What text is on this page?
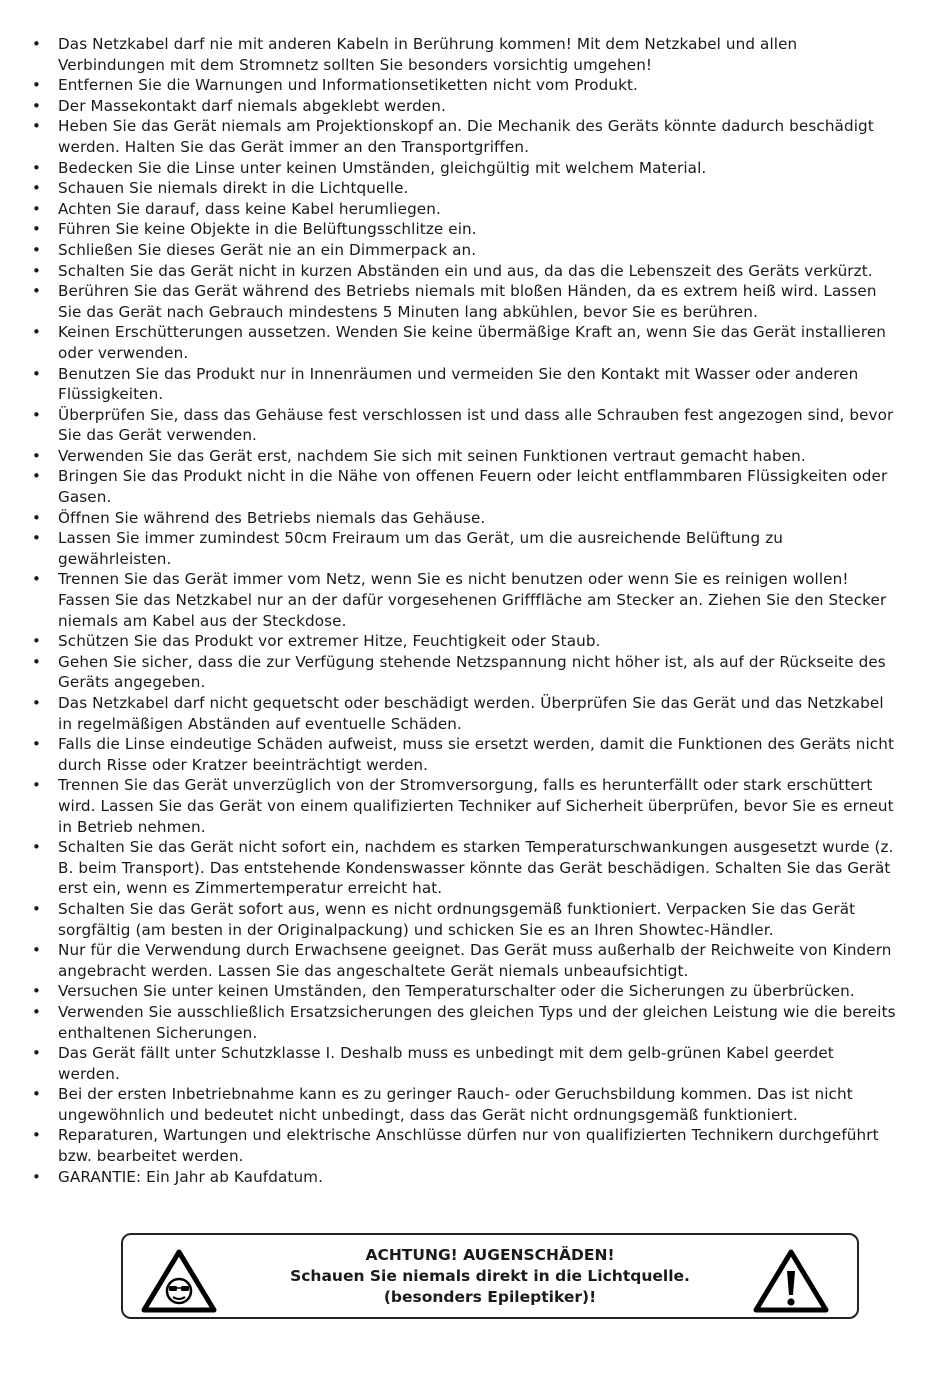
• Das Netzkabel darf nie mit anderen Kabeln in Berührung kommen! Mit dem Netzkabel und allen Verbindungen mit dem Stromnetz sollten Sie besonders vorsichtig umgehen!
• Entfernen Sie die Warnungen und Informationsetiketten nicht vom Produkt.
• Der Massekontakt darf niemals abgeklebt werden.
• Heben Sie das Gerät niemals am Projektionskopf an. Die Mechanik des Geräts könnte dadurch beschädigt werden. Halten Sie das Gerät immer an den Transportgriffen.
• Bedecken Sie die Linse unter keinen Umständen, gleichgültig mit welchem Material.
• Schauen Sie niemals direkt in die Lichtquelle.
• Achten Sie darauf, dass keine Kabel herumliegen.
• Führen Sie keine Objekte in die Belüftungsschlitze ein.
• Schließen Sie dieses Gerät nie an ein Dimmerpack an.
• Schalten Sie das Gerät nicht in kurzen Abständen ein und aus, da das die Lebenszeit des Geräts verkürzt.
• Berühren Sie das Gerät während des Betriebs niemals mit bloßen Händen, da es extrem heiß wird. Lassen Sie das Gerät nach Gebrauch mindestens 5 Minuten lang abkühlen, bevor Sie es berühren.
• Keinen Erschütterungen aussetzen. Wenden Sie keine übermäßige Kraft an, wenn Sie das Gerät installieren oder verwenden.
• Benutzen Sie das Produkt nur in Innenräumen und vermeiden Sie den Kontakt mit Wasser oder anderen Flüssigkeiten.
• Überprüfen Sie, dass das Gehäuse fest verschlossen ist und dass alle Schrauben fest angezogen sind, bevor Sie das Gerät verwenden.
• Verwenden Sie das Gerät erst, nachdem Sie sich mit seinen Funktionen vertraut gemacht haben.
• Bringen Sie das Produkt nicht in die Nähe von offenen Feuern oder leicht entflammbaren Flüssigkeiten oder Gasen.
• Öffnen Sie während des Betriebs niemals das Gehäuse.
• Lassen Sie immer zumindest 50cm Freiraum um das Gerät, um die ausreichende Belüftung zu gewährleisten.
• Trennen Sie das Gerät immer vom Netz, wenn Sie es nicht benutzen oder wenn Sie es reinigen wollen! Fassen Sie das Netzkabel nur an der dafür vorgesehenen Grifffläche am Stecker an. Ziehen Sie den Stecker niemals am Kabel aus der Steckdose.
• Schützen Sie das Produkt vor extremer Hitze, Feuchtigkeit oder Staub.
• Gehen Sie sicher, dass die zur Verfügung stehende Netzspannung nicht höher ist, als auf der Rückseite des Geräts angegeben.
• Das Netzkabel darf nicht gequetscht oder beschädigt werden. Überprüfen Sie das Gerät und das Netzkabel in regelmäßigen Abständen auf eventuelle Schäden.
• Falls die Linse eindeutige Schäden aufweist, muss sie ersetzt werden, damit die Funktionen des Geräts nicht durch Risse oder Kratzer beeinträchtigt werden.
• Trennen Sie das Gerät unverzüglich von der Stromversorgung, falls es herunterfällt oder stark erschüttert wird. Lassen Sie das Gerät von einem qualifizierten Techniker auf Sicherheit überprüfen, bevor Sie es erneut in Betrieb nehmen.
• Schalten Sie das Gerät nicht sofort ein, nachdem es starken Temperaturschwankungen ausgesetzt wurde (z. B. beim Transport). Das entstehende Kondenswasser könnte das Gerät beschädigen. Schalten Sie das Gerät erst ein, wenn es Zimmertemperatur erreicht hat.
• Schalten Sie das Gerät sofort aus, wenn es nicht ordnungsgemäß funktioniert. Verpacken Sie das Gerät sorgfältig (am besten in der Originalpackung) und schicken Sie es an Ihren Showtec-Händler.
• Nur für die Verwendung durch Erwachsene geeignet. Das Gerät muss außerhalb der Reichweite von Kindern angebracht werden. Lassen Sie das angeschaltete Gerät niemals unbeaufsichtigt.
• Versuchen Sie unter keinen Umständen, den Temperaturschalter oder die Sicherungen zu überbrücken.
• Verwenden Sie ausschließlich Ersatzsicherungen des gleichen Typs und der gleichen Leistung wie die bereits enthaltenen Sicherungen.
• Das Gerät fällt unter Schutzklasse I. Deshalb muss es unbedingt mit dem gelb-grünen Kabel geerdet werden.
• Bei der ersten Inbetriebnahme kann es zu geringer Rauch- oder Geruchsbildung kommen. Das ist nicht ungewöhnlich und bedeutet nicht unbedingt, dass das Gerät nicht ordnungsgemäß funktioniert.
• Reparaturen, Wartungen und elektrische Anschlüsse dürfen nur von qualifizierten Technikern durchgeführt bzw. bearbeitet werden.
• GARANTIE: Ein Jahr ab Kaufdatum.
ACHTUNG! AUGENSCHÄDEN!
Schauen Sie niemals direkt in die Lichtquelle.
(besonders Epileptiker)!
